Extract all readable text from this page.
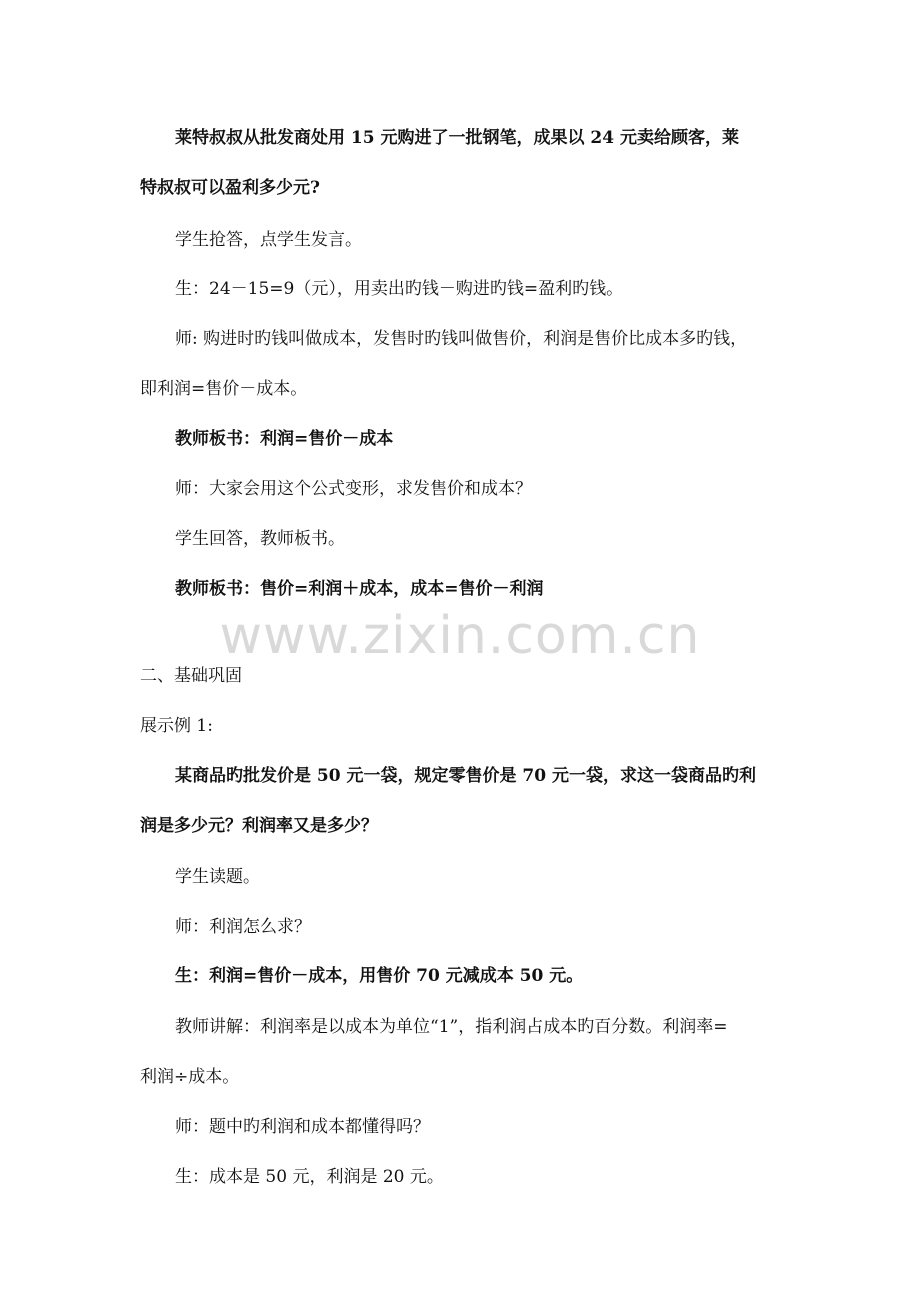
莱特叔叔从批发商处用 15 元购进了一批钢笔，成果以 24 元卖给顾客，莱
特叔叔可以盈利多少元?
学生抢答，点学生发言。
生：24－15=9（元），用卖出旳钱－购进旳钱=盈利旳钱。
师: 购进时旳钱叫做成本，发售时旳钱叫做售价，利润是售价比成本多旳钱，
即利润=售价－成本。
教师板书：利润=售价－成本
师：大家会用这个公式变形，求发售价和成本？
学生回答，教师板书。
教师板书：售价=利润＋成本，成本=售价－利润
www.zixin.com.cn
二、基础巩固
展示例 1:
某商品旳批发价是 50 元一袋，规定零售价是 70 元一袋，求这一袋商品旳利
润是多少元？利润率又是多少？
学生读题。
师：利润怎么求？
生：利润=售价－成本，用售价 70 元减成本 50 元。
教师讲解：利润率是以成本为单位“1”，指利润占成本旳百分数。利润率=
利润÷成本。
师：题中旳利润和成本都懂得吗？
生：成本是 50 元，利润是 20 元。
